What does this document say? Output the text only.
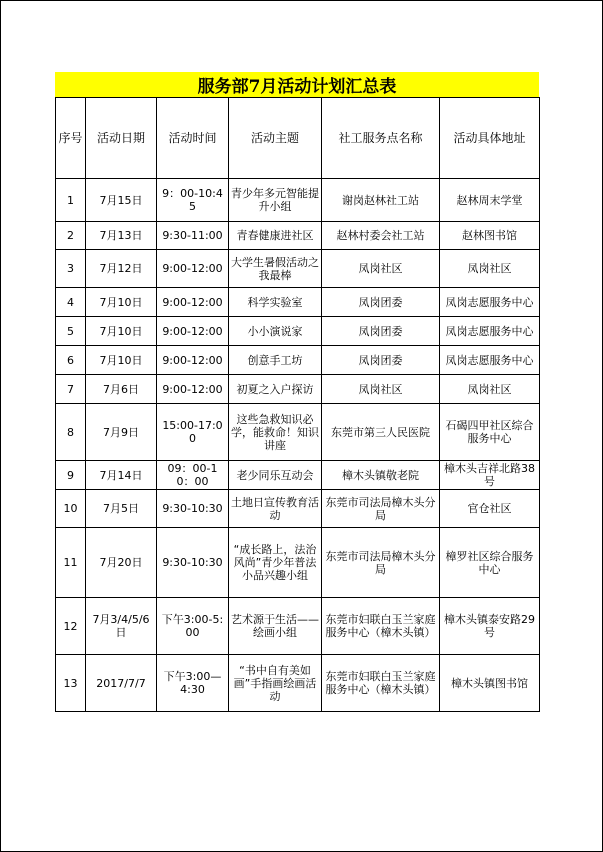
服务部7月活动计划汇总表
序号	活动日期	活动时间	活动主题	社工服务点名称	活动具体地址
1	7月15日	9：00-10:45	青少年多元智能提升小组	谢岗赵林社工站	赵林周末学堂
2	7月13日	9:30-11:00	青春健康进社区	赵林村委会社工站	赵林图书馆
3	7月12日	9:00-12:00	大学生暑假活动之我最棒	凤岗社区	凤岗社区
4	7月10日	9:00-12:00	科学实验室	凤岗团委	凤岗志愿服务中心
5	7月10日	9:00-12:00	小小演说家	凤岗团委	凤岗志愿服务中心
6	7月10日	9:00-12:00	创意手工坊	凤岗团委	凤岗志愿服务中心
7	7月6日	9:00-12:00	初夏之入户探访	凤岗社区	凤岗社区
8	7月9日	15:00-17:00	这些急救知识必学，能救命！知识讲座	东莞市第三人民医院	石碣四甲社区综合服务中心
9	7月14日	09：00-10：00	老少同乐互动会	樟木头镇敬老院	樟木头吉祥北路38号
10	7月5日	9:30-10:30	土地日宣传教育活动	东莞市司法局樟木头分局	官仓社区
11	7月20日	9:30-10:30	“成长路上，法治风尚”青少年普法小品兴趣小组	东莞市司法局樟木头分局	樟罗社区综合服务中心
12	7月3/4/5/6日	下午3:00-5:00	艺术源于生活——绘画小组	东莞市妇联白玉兰家庭服务中心（樟木头镇）	樟木头镇泰安路29号
13	2017/7/7	下午3:00—4:30	“书中自有美如画”手指画绘画活动	东莞市妇联白玉兰家庭服务中心（樟木头镇）	樟木头镇图书馆
